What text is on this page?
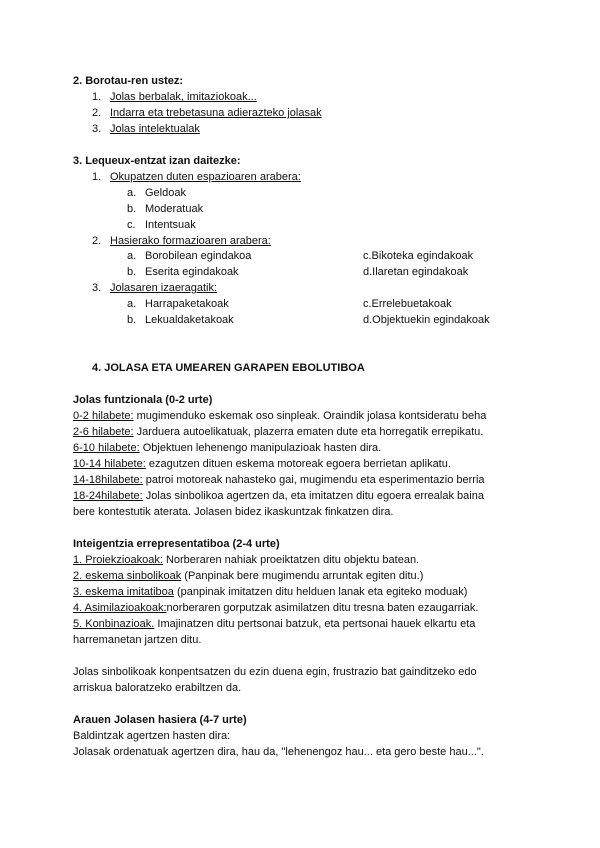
2. Borotau-ren ustez:
1. Jolas berbalak, imitaziokoak...
2. Indarra eta trebetasuna adierazteko jolasak
3. Jolas intelektualak
3. Lequeux-entzat izan daitezke:
1. Okupatzen duten espazioaren arabera:
a. Geldoak
b. Moderatuak
c. Intentsuak
2. Hasierako formazioaren arabera:
a. Borobilean egindakoa	c.Bikoteka egindakoak
b. Eserita egindakoak	d.Ilaretan egindakoak
3. Jolasaren izaeragatik:
a. Harrapaketakoak	c.Errelebuetakoak
b. Lekualdaketakoak	d.Objektuekin egindakoak
4. JOLASA ETA UMEAREN GARAPEN EBOLUTIBOA
Jolas funtzionala (0-2 urte)
0-2 hilabete: mugimenduko eskemak oso sinpleak. Oraindik jolasa kontsideratu beha
2-6 hilabete: Jarduera autoelikatuak, plazerra ematen dute eta horregatik errepikatu.
6-10 hilabete: Objektuen lehenengo manipulazioak hasten dira.
10-14 hilabete: ezagutzen dituen eskema motoreak egoera berrietan aplikatu.
14-18hilabete: patroi motoreak nahasteko gai, mugimendu eta esperimentazio berria
18-24hilabete: Jolas sinbolikoa agertzen da, eta imitatzen ditu egoera errealak baina
bere kontestutik aterata. Jolasen bidez ikaskuntzak finkatzen dira.
Inteigentzia errepresentatiboa (2-4 urte)
1. Proiekzioakoak: Norberaren nahiak proeiktatzen ditu objektu batean.
2. eskema sinbolikoak (Panpinak bere mugimendu arruntak egiten ditu.)
3. eskema imitatiboa (panpinak imitatzen ditu helduen lanak eta egiteko moduak)
4. Asimilazioakoak:norberaren gorputzak asimilatzen ditu tresna baten ezaugarriak.
5. Konbinazioak. Imajinatzen ditu pertsonai batzuk, eta pertsonai hauek elkartu eta
harremanetan jartzen ditu.
Jolas sinbolikoak konpentsatzen du ezin duena egin, frustrazio bat gainditzeko edo
arriskua baloratzeko erabiltzen da.
Arauen Jolasen hasiera (4-7 urte)
Baldintzak agertzen hasten dira:
Jolasak ordenatuak agertzen dira, hau da, "lehenengoz hau... eta gero beste hau...".
